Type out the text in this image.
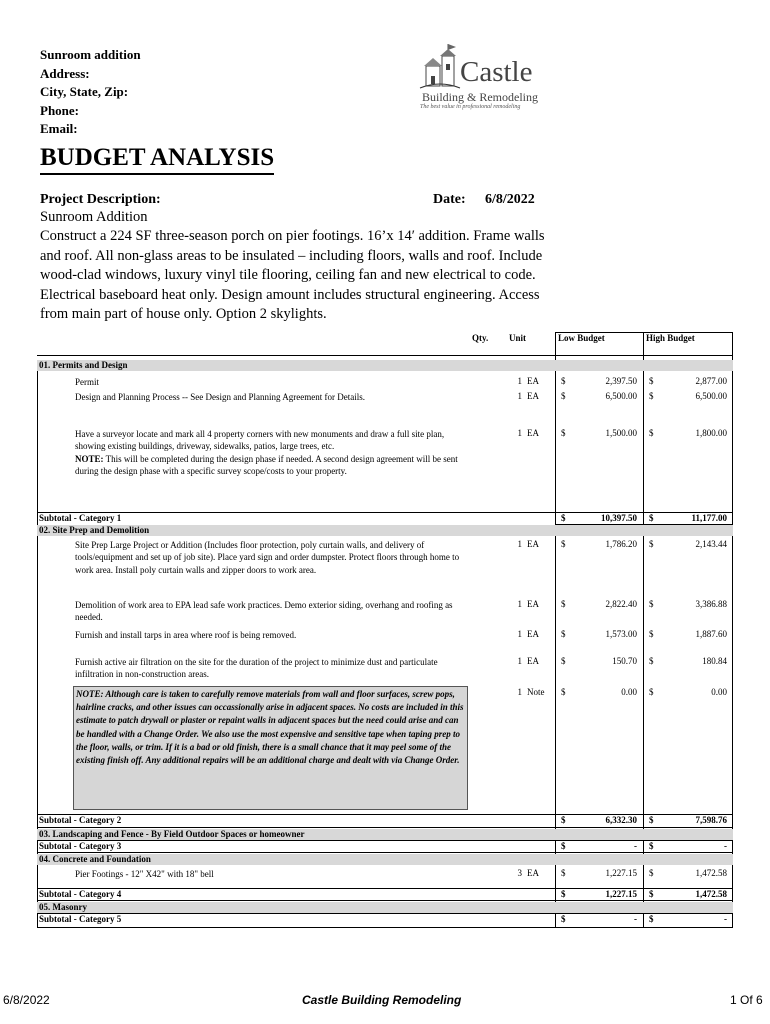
Sunroom addition
Address:
City, State, Zip:
Phone:
Email:
Castle
Building & Remodeling
The best value in professional remodeling
BUDGET ANALYSIS
Project Description:	Date: 6/8/2022

Sunroom Addition

Construct a 224 SF three-season porch on pier footings. 16’x 14′ addition. Frame walls and roof. All non-glass areas to be insulated – including floors, walls and roof. Include wood-clad windows, luxury vinyl tile flooring, ceiling fan and new electrical to code. Electrical baseboard heat only. Design amount includes structural engineering. Access from main part of house only. Option 2 skylights.

Qty. Unit	Low Budget	High Budget
01. Permits and Design
Permit	1 EA $	2,397.50 $	2,877.00
Design and Planning Process -- See Design and Planning Agreement for Details.	1 EA $	6,500.00 $	6,500.00
Have a surveyor locate and mark all 4 property corners with new monuments and draw a full site plan, showing existing buildings, driveway, sidewalks, patios, large trees, etc.
NOTE: This will be completed during the design phase if needed. A second design agreement will be sent during the design phase with a specific survey scope/costs to your property.
1 EA $	1,500.00 $	1,800.00
Subtotal - Category 1	$	10,397.50 $	11,177.00
02. Site Prep and Demolition
Site Prep Large Project or Addition (Includes floor protection, poly curtain walls, and delivery of tools/equipment and set up of job site). Place yard sign and order dumpster. Protect floors through home to work area. Install poly curtain walls and zipper doors to work area.
1 EA $	1,786.20 $	2,143.44
Demolition of work area to EPA lead safe work practices. Demo exterior siding, overhang and roofing as needed.
1 EA $	2,822.40 $	3,386.88
Furnish and install tarps in area where roof is being removed.	1 EA $	1,573.00 $	1,887.60
Furnish active air filtration on the site for the duration of the project to minimize dust and particulate infiltration in non-construction areas.
1 EA $	150.70 $	180.84
NOTE: Although care is taken to carefully remove materials from wall and floor surfaces, screw pops, hairline cracks, and other issues can occassionally arise in adjacent spaces. No costs are included in this estimate to patch drywall or plaster or repaint walls in adjacent spaces but the need could arise and can be handled with a Change Order. We also use the most expensive and sensitive tape when taping prep to the floor, walls, or trim. If it is a bad or old finish, there is a small chance that it may peel some of the existing finish off. Any additional repairs will be an additional charge and dealt with via Change Order.
1 Note $	0.00 $	0.00
Subtotal - Category 2	$	6,332.30 $	7,598.76
03. Landscaping and Fence - By Field Outdoor Spaces or homeowner
Subtotal - Category 3	$	- $	-
04. Concrete and Foundation
Pier Footings - 12" X42" with 18" bell	3 EA $	1,227.15 $	1,472.58
Subtotal - Category 4	$	1,227.15 $	1,472.58
05. Masonry
Subtotal - Category 5	$	- $	-
6/8/2022	Castle Building Remodeling	1 Of 6
